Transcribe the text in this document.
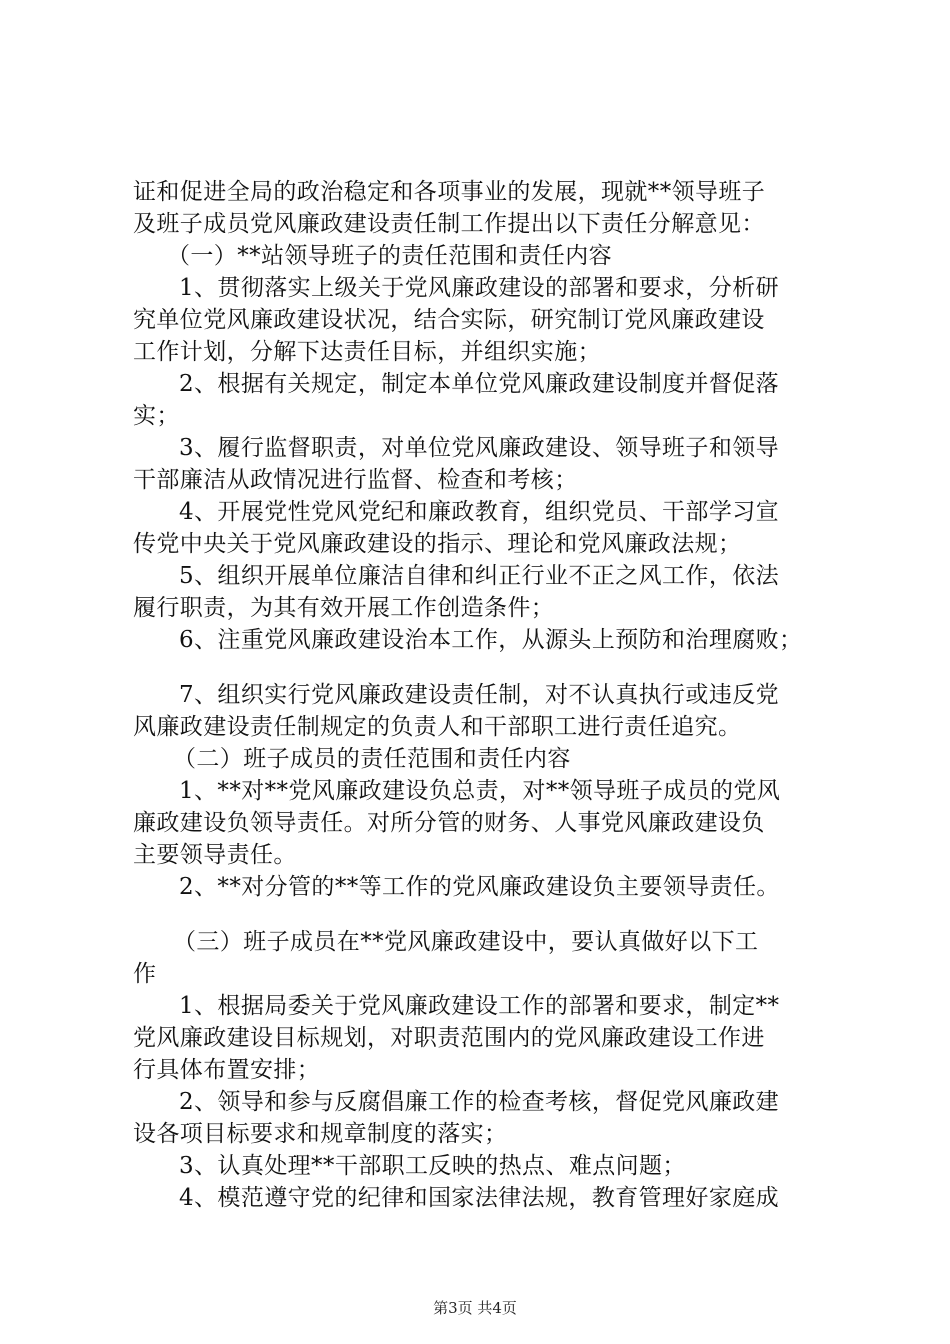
证和促进全局的政治稳定和各项事业的发展，现就**领导班子
及班子成员党风廉政建设责任制工作提出以下责任分解意见：
（一）**站领导班子的责任范围和责任内容
1、贯彻落实上级关于党风廉政建设的部署和要求，分析研
究单位党风廉政建设状况，结合实际，研究制订党风廉政建设
工作计划，分解下达责任目标，并组织实施；
2、根据有关规定，制定本单位党风廉政建设制度并督促落
实；
3、履行监督职责，对单位党风廉政建设、领导班子和领导
干部廉洁从政情况进行监督、检查和考核；
4、开展党性党风党纪和廉政教育，组织党员、干部学习宣
传党中央关于党风廉政建设的指示、理论和党风廉政法规；
5、组织开展单位廉洁自律和纠正行业不正之风工作，依法
履行职责，为其有效开展工作创造条件；
6、注重党风廉政建设治本工作，从源头上预防和治理腐败；
7、组织实行党风廉政建设责任制，对不认真执行或违反党
风廉政建设责任制规定的负责人和干部职工进行责任追究。
（二）班子成员的责任范围和责任内容
1、**对**党风廉政建设负总责，对**领导班子成员的党风
廉政建设负领导责任。对所分管的财务、人事党风廉政建设负
主要领导责任。
2、**对分管的**等工作的党风廉政建设负主要领导责任。
（三）班子成员在**党风廉政建设中，要认真做好以下工
作
1、根据局委关于党风廉政建设工作的部署和要求，制定**
党风廉政建设目标规划，对职责范围内的党风廉政建设工作进
行具体布置安排；
2、领导和参与反腐倡廉工作的检查考核，督促党风廉政建
设各项目标要求和规章制度的落实；
3、认真处理**干部职工反映的热点、难点问题；
4、模范遵守党的纪律和国家法律法规，教育管理好家庭成
第3页 共4页
